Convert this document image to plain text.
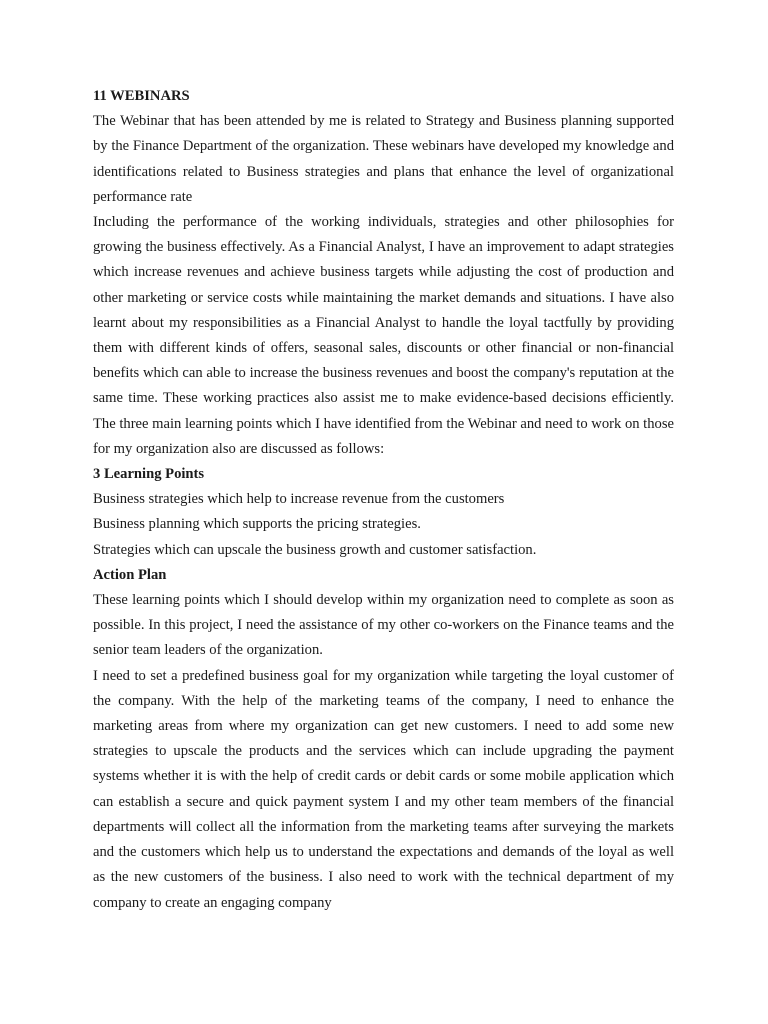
11 WEBINARS

The Webinar that has been attended by me is related to Strategy and Business planning supported by the Finance Department of the organization. These webinars have developed my knowledge and identifications related to Business strategies and plans that enhance the level of organizational performance rate

Including the performance of the working individuals, strategies and other philosophies for growing the business effectively. As a Financial Analyst, I have an improvement to adapt strategies which increase revenues and achieve business targets while adjusting the cost of production and other marketing or service costs while maintaining the market demands and situations. I have also learnt about my responsibilities as a Financial Analyst to handle the loyal tactfully by providing them with different kinds of offers, seasonal sales, discounts or other financial or non-financial benefits which can able to increase the business revenues and boost the company's reputation at the same time. These working practices also assist me to make evidence-based decisions efficiently. The three main learning points which I have identified from the Webinar and need to work on those for my organization also are discussed as follows:

3 Learning Points

Business strategies which help to increase revenue from the customers

Business planning which supports the pricing strategies.

Strategies which can upscale the business growth and customer satisfaction.

Action Plan

These learning points which I should develop within my organization need to complete as soon as possible. In this project, I need the assistance of my other co-workers on the Finance teams and the senior team leaders of the organization.

I need to set a predefined business goal for my organization while targeting the loyal customer of the company. With the help of the marketing teams of the company, I need to enhance the marketing areas from where my organization can get new customers. I need to add some new strategies to upscale the products and the services which can include upgrading the payment systems whether it is with the help of credit cards or debit cards or some mobile application which can establish a secure and quick payment system I and my other team members of the financial departments will collect all the information from the marketing teams after surveying the markets and the customers which help us to understand the expectations and demands of the loyal as well as the new customers of the business. I also need to work with the technical department of my company to create an engaging company
